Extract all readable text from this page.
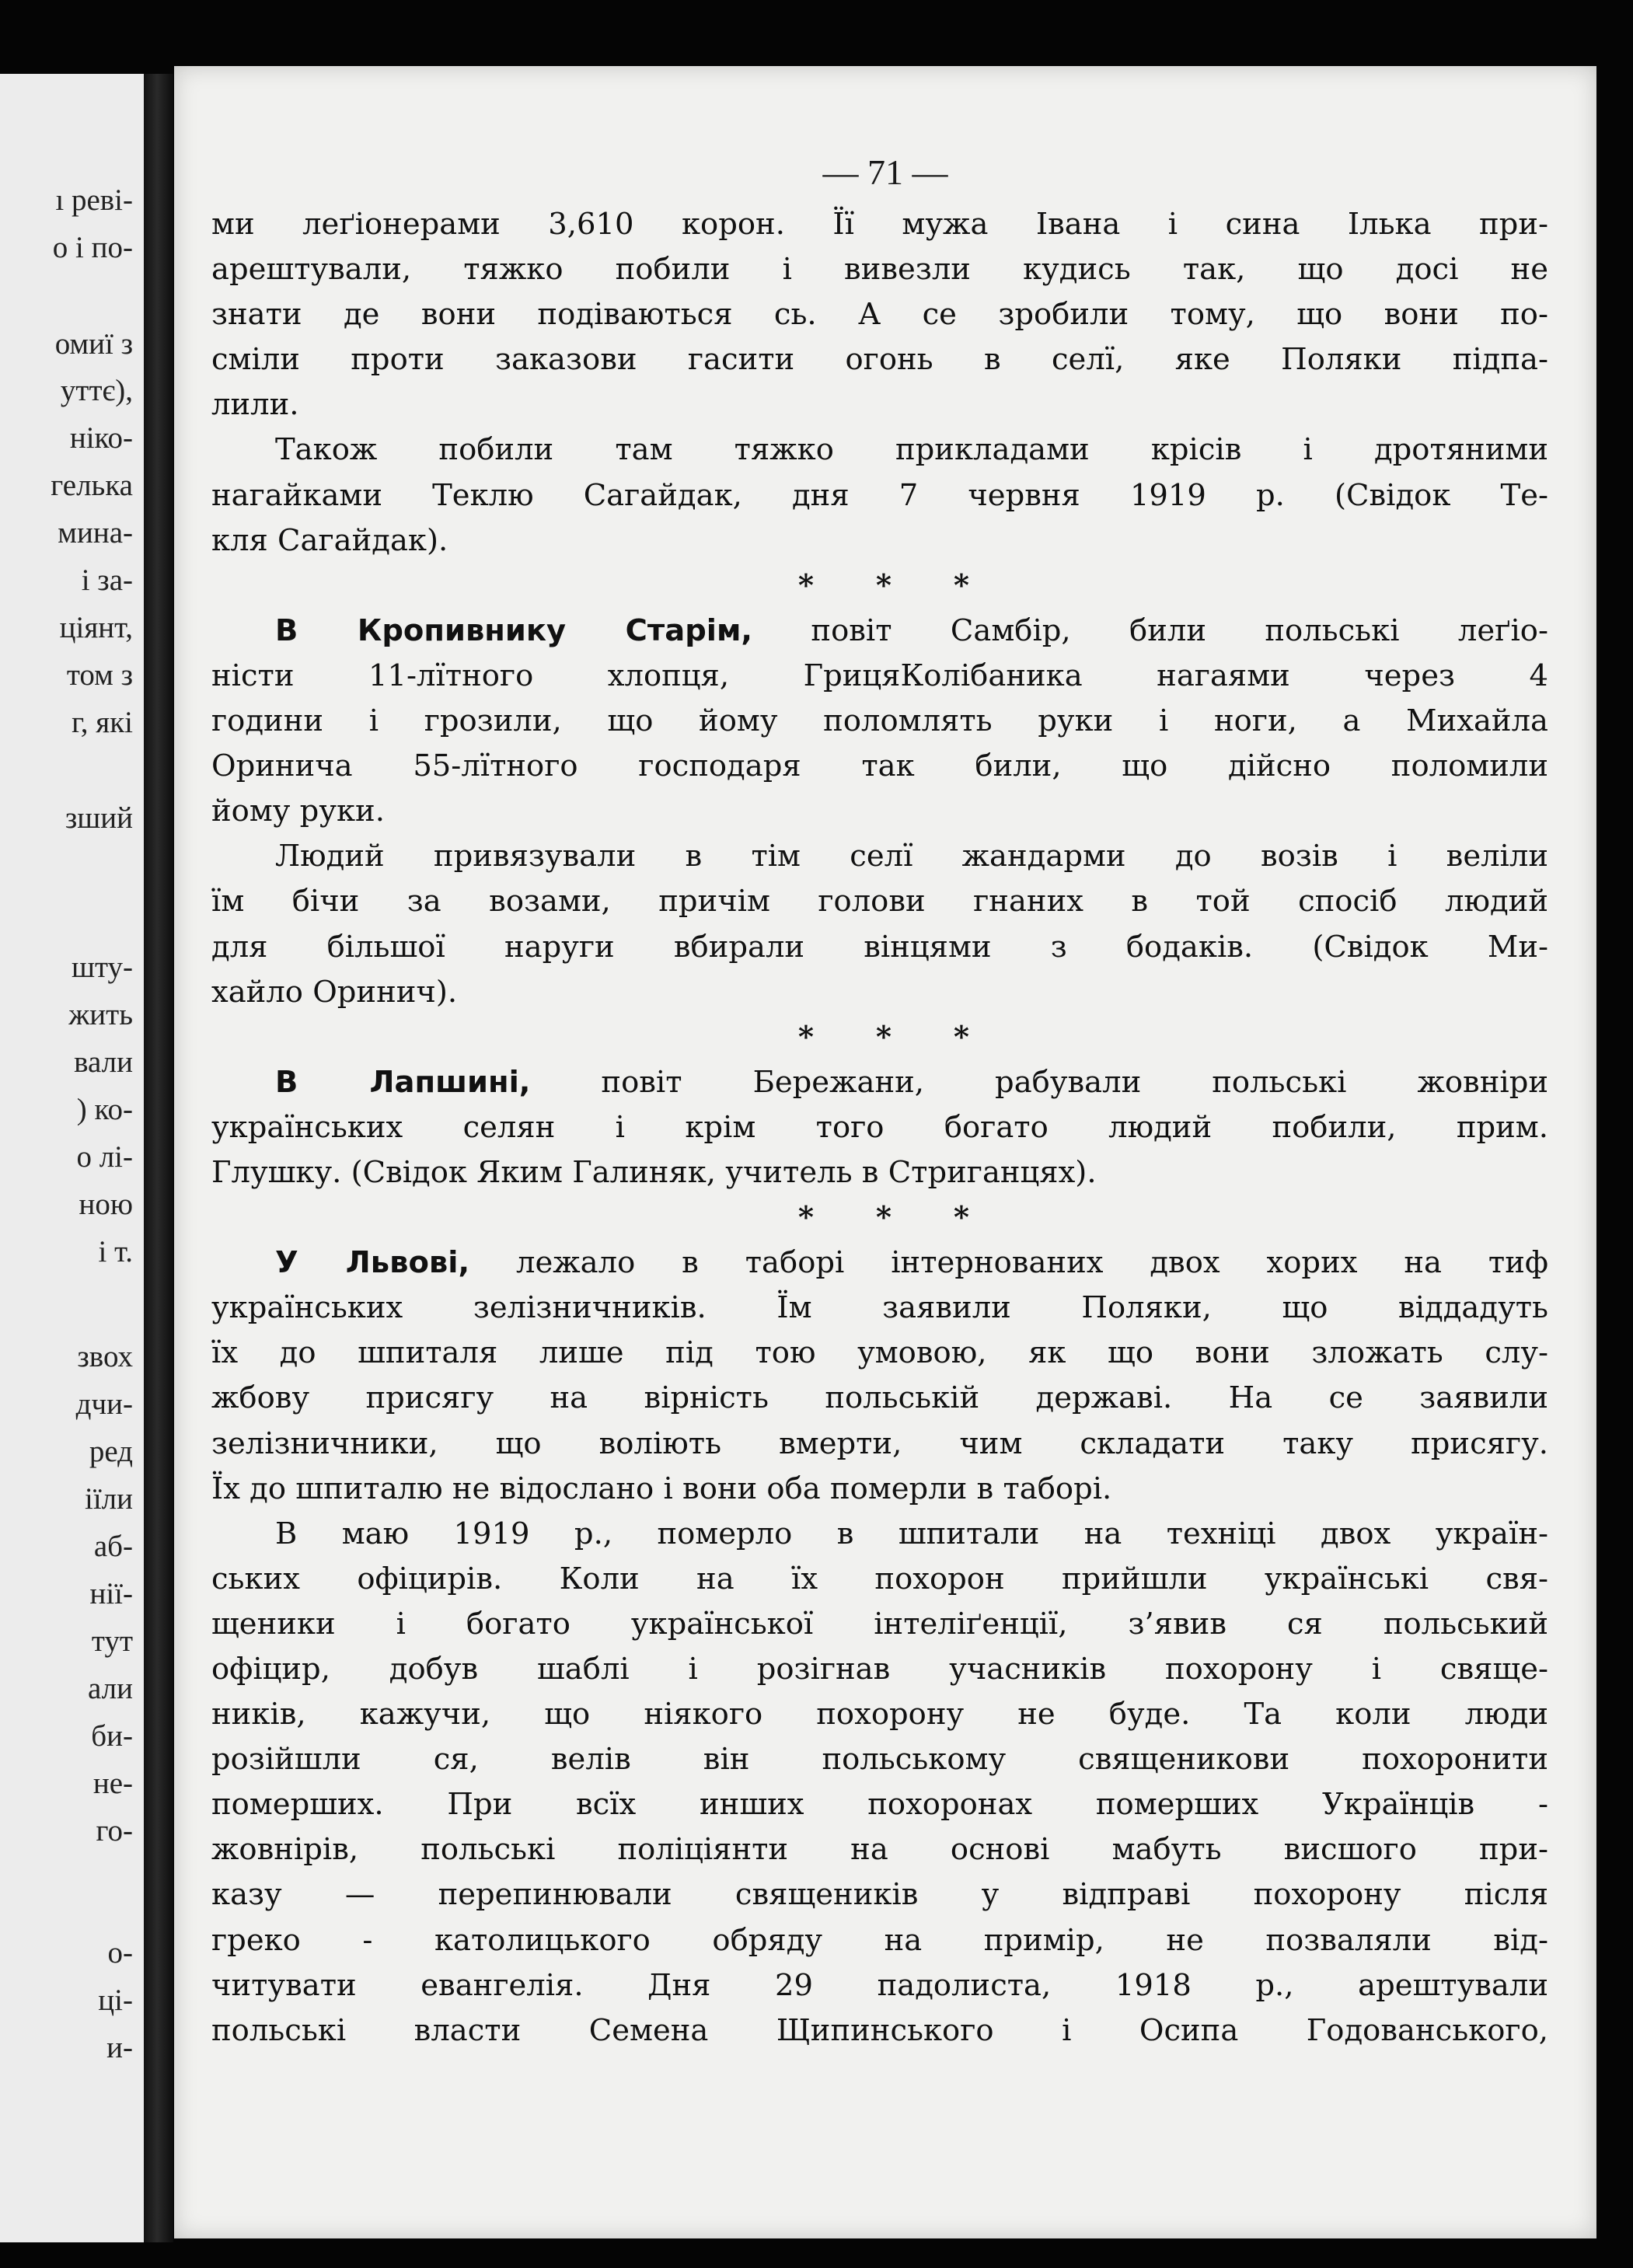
ı реві-
о і по-
омиї з
уттє),
ніко-
гелька
мина-
і за-
ціянт,
том з
г, які
зший
шту-
жить
вали
) ко-
о лі-
ною
і т.
звох
дчи-
ред
іїли
аб-
нії-
тут
али
би-
не-
го-
о-
ці-
и-
— 71 —
ми леґіонерами 3,610 корон. Її мужа Івана і сина Ілька при-
арештували, тяжко побили і вивезли кудись так, що досі не
знати де вони подіваються сь. А се зробили тому, що вони по-
сміли проти заказови гасити огонь в селї, яке Поляки підпа-
лили.
Також побили там тяжко прикладами крісів і дротяними
нагайками Теклю Сагайдак, дня 7 червня 1919 р. (Свідок Те-
кля Сагайдак).
* * *
В Кропивнику Старім, повіт Самбір, били польські леґіо-
ністи 11-лїтного хлопця, ГрицяКолібаника нагаями через 4
години і грозили, що йому поломлять руки і ноги, а Михайла
Оринича 55-лїтного господаря так били, що дійсно поломили
йому руки.
Людий привязували в тім селї жандарми до возів і веліли
їм бічи за возами, причім голови гнаних в той спосіб людий
для більшої наруги вбирали вінцями з бодаків. (Свідок Ми-
хайло Оринич).
* * *
В Лапшині, повіт Бережани, рабували польські жовніри
українських селян і крім того богато людий побили, прим.
Глушку. (Свідок Яким Галиняк, учитель в Стриганцях).
* * *
У Львові, лежало в таборі інтернованих двох хорих на тиф
українських зелізничників. Їм заявили Поляки, що віддадуть
їх до шпиталя лише під тою умовою, як що вони зложать слу-
жбову присягу на вірність польській державі. На се заявили
зелізничники, що воліють вмерти, чим складати таку присягу.
Їх до шпиталю не відослано і вони оба померли в таборі.
В маю 1919 р., померло в шпитали на техніці двох україн-
ських офіцирів. Коли на їх похорон прийшли українські свя-
щеники і богато української інтеліґенції, з’явив ся польський
офіцир, добув шаблі і розігнав учасників похорону і свяще-
ників, кажучи, що ніякого похорону не буде. Та коли люди
розійшли ся, велів він польському священикови похоронити
померших. При всїх инших похоронах померших Українців -
жовнірів, польські поліціянти на основі мабуть висшого при-
казу — перепинювали священиків у відправі похорону після
греко - католицького обряду на примір, не позваляли від-
читувати евангелія. Дня 29 падолиста, 1918 р., арештували
польські власти Семена Щипинського і Осипа Годованського,
